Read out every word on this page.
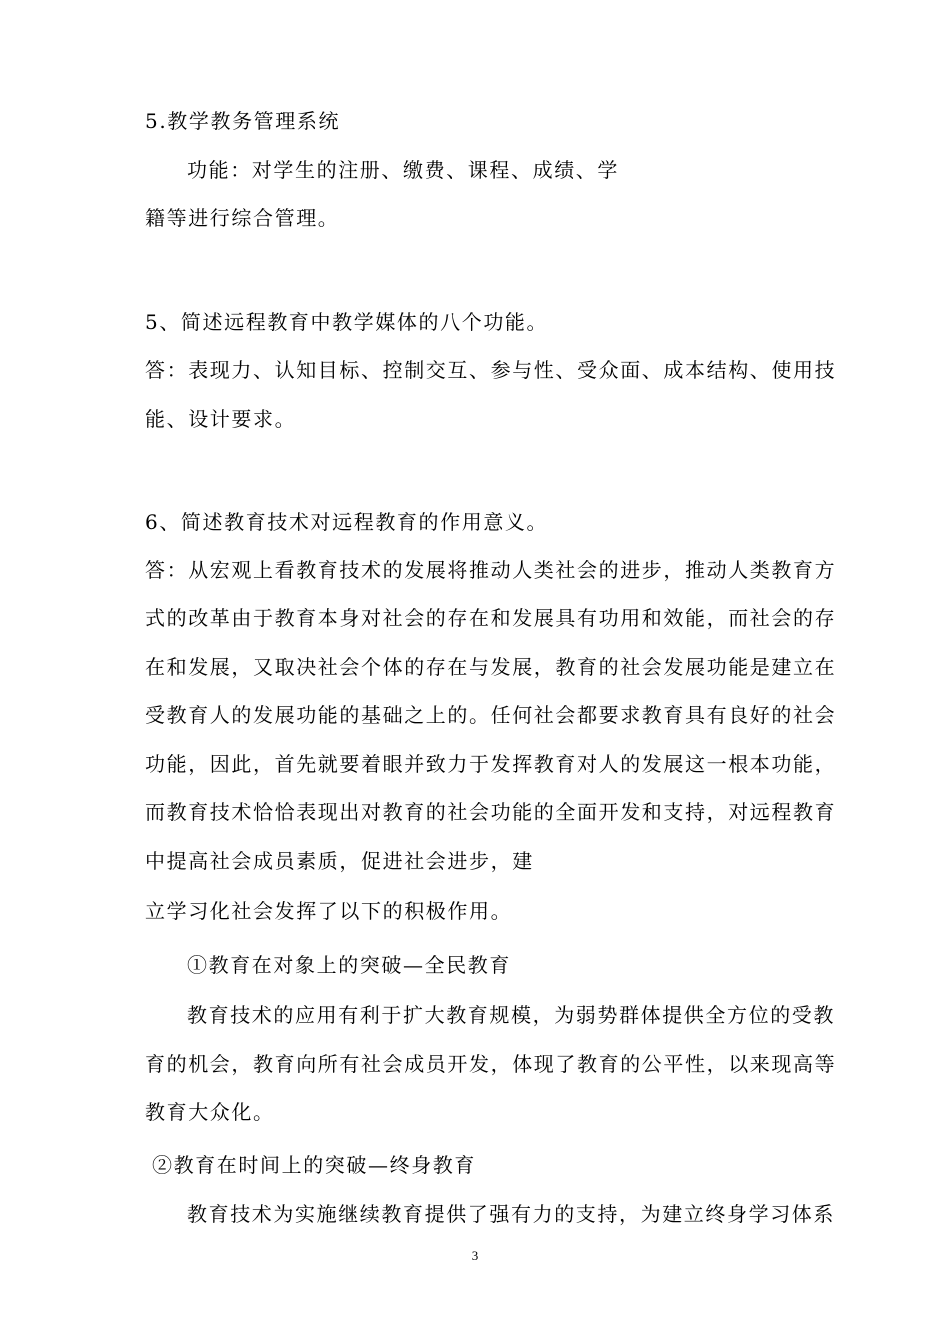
5.教学教务管理系统
功能：对学生的注册、缴费、课程、成绩、学
籍等进行综合管理。
5、简述远程教育中教学媒体的八个功能。
答：表现力、认知目标、控制交互、参与性、受众面、成本结构、使用技
能、设计要求。
6、简述教育技术对远程教育的作用意义。
答：从宏观上看教育技术的发展将推动人类社会的进步，推动人类教育方
式的改革由于教育本身对社会的存在和发展具有功用和效能，而社会的存
在和发展，又取决社会个体的存在与发展，教育的社会发展功能是建立在
受教育人的发展功能的基础之上的。任何社会都要求教育具有良好的社会
功能，因此，首先就要着眼并致力于发挥教育对人的发展这一根本功能，
而教育技术恰恰表现出对教育的社会功能的全面开发和支持，对远程教育
中提高社会成员素质，促进社会进步，建
立学习化社会发挥了以下的积极作用。
①教育在对象上的突破—全民教育
教育技术的应用有利于扩大教育规模，为弱势群体提供全方位的受教
育的机会，教育向所有社会成员开发，体现了教育的公平性，以来现高等
教育大众化。
②教育在时间上的突破—终身教育
教育技术为实施继续教育提供了强有力的支持，为建立终身学习体系
3
